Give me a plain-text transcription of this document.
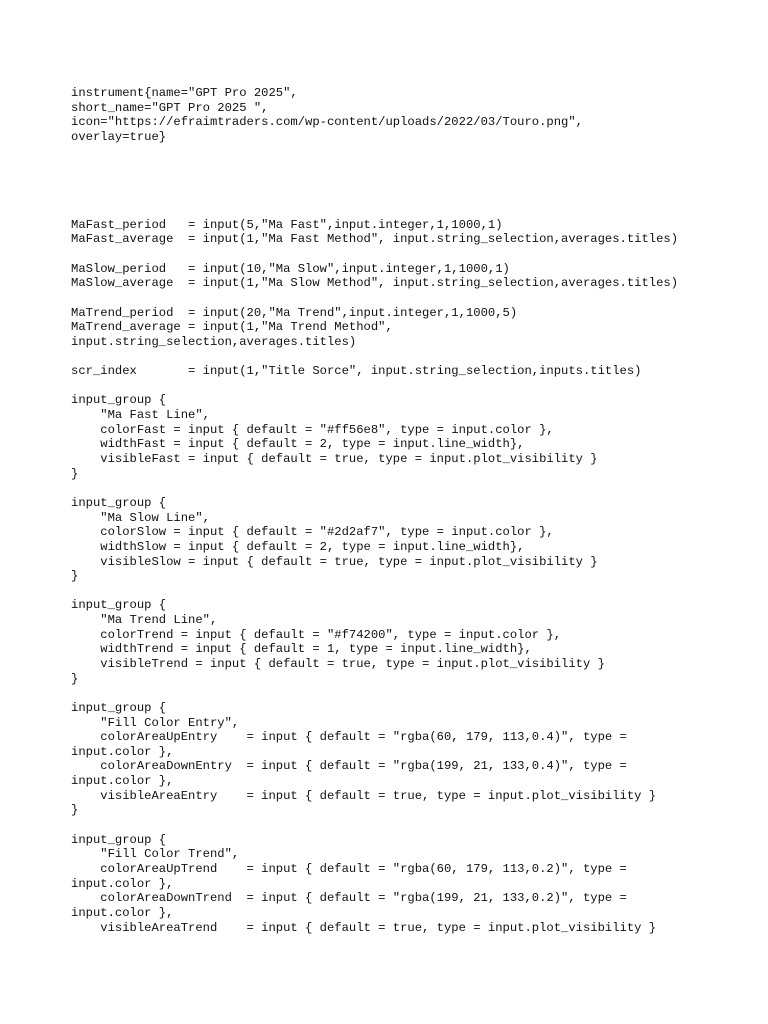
instrument{name="GPT Pro 2025",
short_name="GPT Pro 2025 ",
icon="https://efraimtraders.com/wp-content/uploads/2022/03/Touro.png",
overlay=true}
MaFast_period   = input(5,"Ma Fast",input.integer,1,1000,1)
MaFast_average  = input(1,"Ma Fast Method", input.string_selection,averages.titles)
MaSlow_period   = input(10,"Ma Slow",input.integer,1,1000,1)
MaSlow_average  = input(1,"Ma Slow Method", input.string_selection,averages.titles)
MaTrend_period  = input(20,"Ma Trend",input.integer,1,1000,5)
MaTrend_average = input(1,"Ma Trend Method",
input.string_selection,averages.titles)
scr_index       = input(1,"Title Sorce", input.string_selection,inputs.titles)
input_group {
"Ma Fast Line",
colorFast = input { default = "#ff56e8", type = input.color },
widthFast = input { default = 2, type = input.line_width},
visibleFast = input { default = true, type = input.plot_visibility }
}
input_group {
"Ma Slow Line",
colorSlow = input { default = "#2d2af7", type = input.color },
widthSlow = input { default = 2, type = input.line_width},
visibleSlow = input { default = true, type = input.plot_visibility }
}
input_group {
"Ma Trend Line",
colorTrend = input { default = "#f74200", type = input.color },
widthTrend = input { default = 1, type = input.line_width},
visibleTrend = input { default = true, type = input.plot_visibility }
}
input_group {
"Fill Color Entry",
colorAreaUpEntry    = input { default = "rgba(60, 179, 113,0.4)", type =
input.color },
colorAreaDownEntry  = input { default = "rgba(199, 21, 133,0.4)", type =
input.color },
visibleAreaEntry    = input { default = true, type = input.plot_visibility }
}
input_group {
"Fill Color Trend",
colorAreaUpTrend    = input { default = "rgba(60, 179, 113,0.2)", type =
input.color },
colorAreaDownTrend  = input { default = "rgba(199, 21, 133,0.2)", type =
input.color },
visibleAreaTrend    = input { default = true, type = input.plot_visibility }
